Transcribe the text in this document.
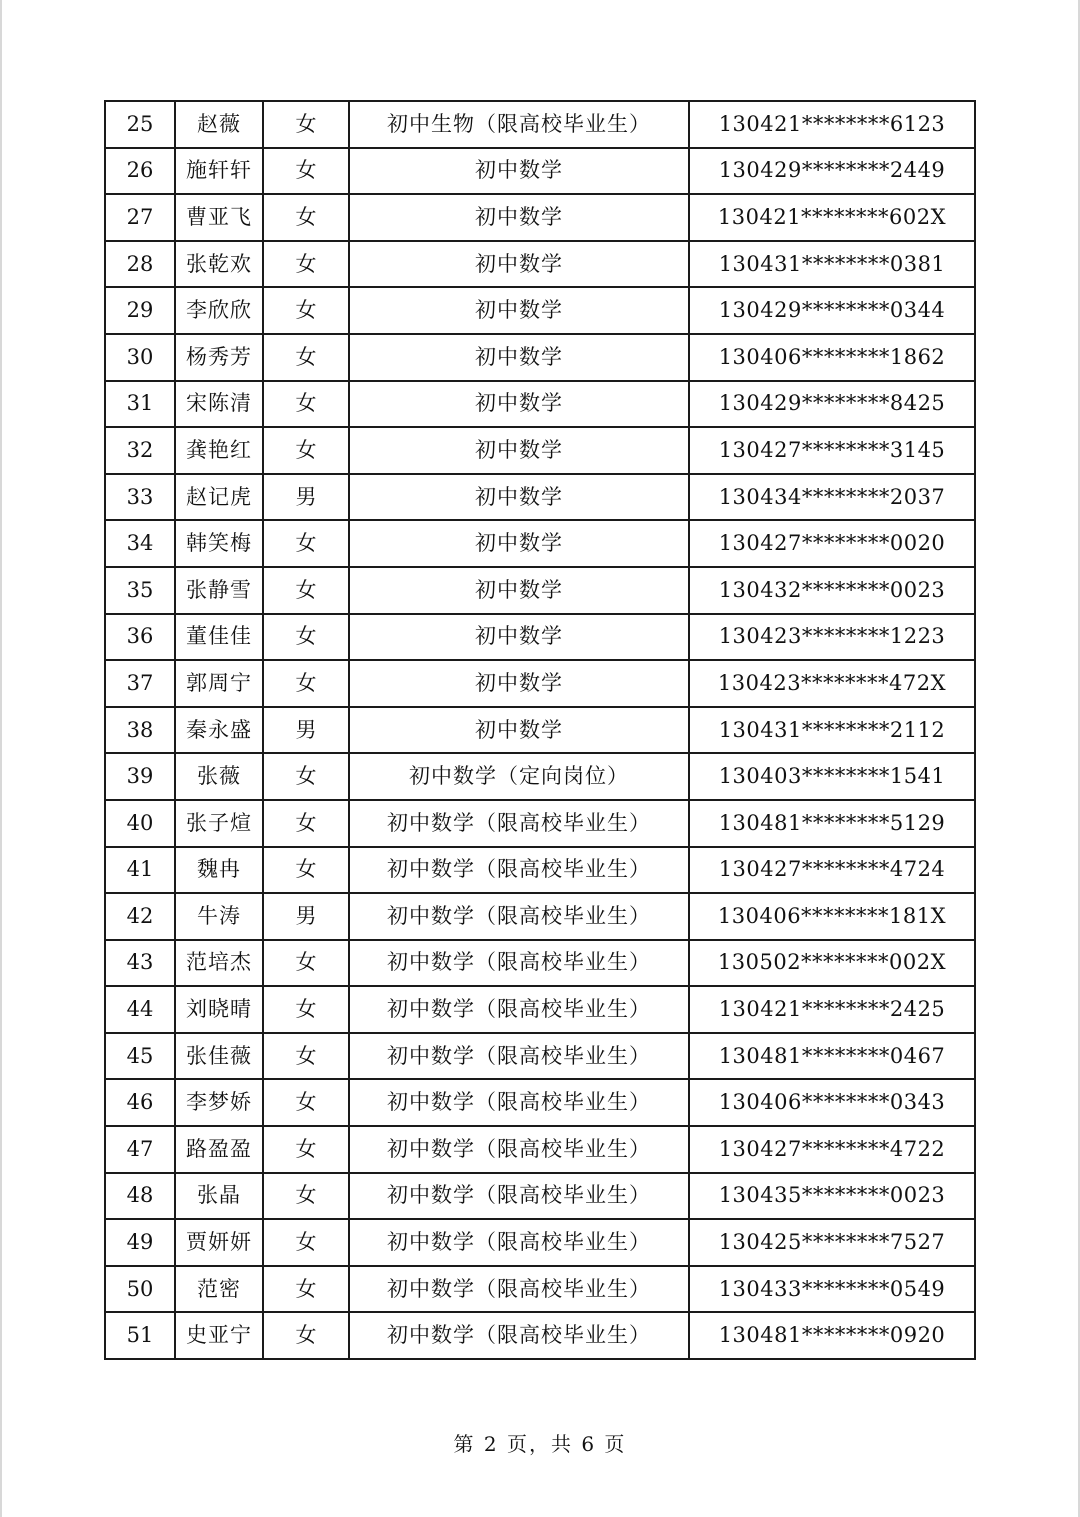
25	赵薇	女	初中生物（限高校毕业生）	130421********6123
26	施轩轩	女	初中数学	130429********2449
27	曹亚飞	女	初中数学	130421********602X
28	张乾欢	女	初中数学	130431********0381
29	李欣欣	女	初中数学	130429********0344
30	杨秀芳	女	初中数学	130406********1862
31	宋陈清	女	初中数学	130429********8425
32	龚艳红	女	初中数学	130427********3145
33	赵记虎	男	初中数学	130434********2037
34	韩笑梅	女	初中数学	130427********0020
35	张静雪	女	初中数学	130432********0023
36	董佳佳	女	初中数学	130423********1223
37	郭周宁	女	初中数学	130423********472X
38	秦永盛	男	初中数学	130431********2112
39	张薇	女	初中数学（定向岗位）	130403********1541
40	张子煊	女	初中数学（限高校毕业生）	130481********5129
41	魏冉	女	初中数学（限高校毕业生）	130427********4724
42	牛涛	男	初中数学（限高校毕业生）	130406********181X
43	范培杰	女	初中数学（限高校毕业生）	130502********002X
44	刘晓晴	女	初中数学（限高校毕业生）	130421********2425
45	张佳薇	女	初中数学（限高校毕业生）	130481********0467
46	李梦娇	女	初中数学（限高校毕业生）	130406********0343
47	路盈盈	女	初中数学（限高校毕业生）	130427********4722
48	张晶	女	初中数学（限高校毕业生）	130435********0023
49	贾妍妍	女	初中数学（限高校毕业生）	130425********7527
50	范密	女	初中数学（限高校毕业生）	130433********0549
51	史亚宁	女	初中数学（限高校毕业生）	130481********0920
第 2 页，共 6 页
